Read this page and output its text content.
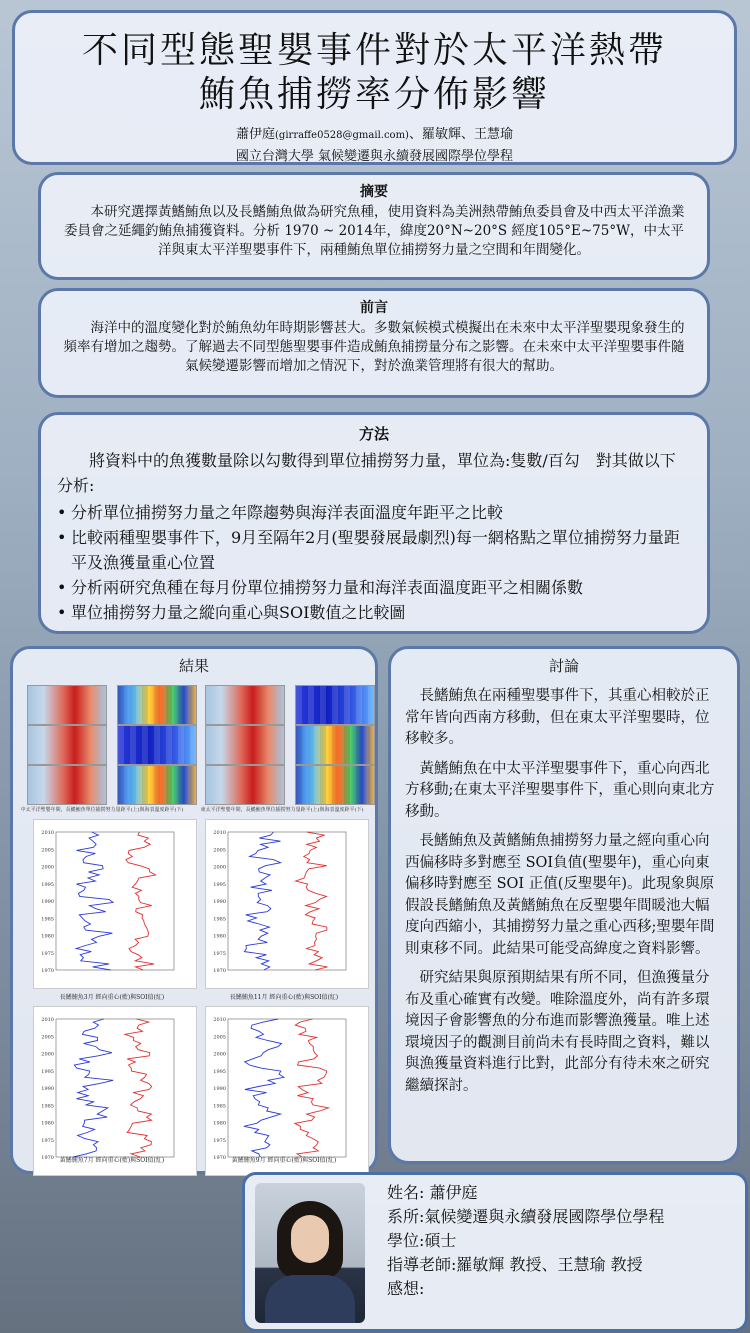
不同型態聖嬰事件對於太平洋熱帶
鮪魚捕撈率分佈影響
蕭伊庭(girraffe0528@gmail.com)、羅敏輝、王慧瑜
國立台灣大學 氣候變遷與永續發展國際學位學程
摘要

本研究選擇黃鰭鮪魚以及長鰭鮪魚做為研究魚種，使用資料為美洲熱帶鮪魚委員會及中西太平洋漁業委員會之延繩釣鮪魚捕獲資料。分析 1970 ~ 2014年，緯度20°N~20°S 經度105°E~75°W，中太平洋與東太平洋聖嬰事件下，兩種鮪魚單位捕撈努力量之空間和年間變化。

前言

海洋中的溫度變化對於鮪魚幼年時期影響甚大。多數氣候模式模擬出在未來中太平洋聖嬰現象發生的頻率有增加之趨勢。了解過去不同型態聖嬰事件造成鮪魚捕撈量分布之影響。在未來中太平洋聖嬰事件隨氣候變遷影響而增加之情況下，對於漁業管理將有很大的幫助。

方法

將資料中的魚獲數量除以勾數得到單位捕撈努力量，單位為:隻數/百勾　對其做以下分析:

• 分析單位捕撈努力量之年際趨勢與海洋表面溫度年距平之比較
• 比較兩種聖嬰事件下，9月至隔年2月(聖嬰發展最劇烈)每一網格點之單位捕撈努力量距平及漁獲量重心位置
• 分析兩研究魚種在每月份單位捕撈努力量和海洋表面溫度距平之相關係數
• 單位捕撈努力量之縱向重心與SOI數值之比較圖
結果
中太平洋聖嬰年間，長鰭鮪魚單位捕撈努力量距平(上)與海表溫度距平(下)	東太平洋聖嬰年間，長鰭鮪魚單位捕撈努力量距平(上)與海表溫度距平(下)
1970
1975
1980
1985
1990
1995
2000
2005
2010
長鰭鮪魚3月 經向重心(藍)與SOI值(紅)
1970
1975
1980
1985
1990
1995
2000
2005
2010
長鰭鮪魚11月 經向重心(藍)與SOI值(紅)
1970
1975
1980
1985
1990
1995
2000
2005
2010
黃鰭鮪魚7月 經向重心(藍)與SOI值(紅)	1970
1975
1980
1985
1990
1995
2000
2005
2010
黃鰭鮪魚9月 經向重心(藍)與SOI值(紅)
討論

長鰭鮪魚在兩種聖嬰事件下，其重心相較於正常年皆向西南方移動，但在東太平洋聖嬰時，位移較多。

黃鰭鮪魚在中太平洋聖嬰事件下，重心向西北方移動;在東太平洋聖嬰事件下，重心則向東北方移動。

長鰭鮪魚及黃鰭鮪魚捕撈努力量之經向重心向西偏移時多對應至 SOI負值(聖嬰年)，重心向東偏移時對應至 SOI 正值(反聖嬰年)。此現象與原假設長鰭鮪魚及黃鰭鮪魚在反聖嬰年間暖池大幅度向西縮小，其捕撈努力量之重心西移;聖嬰年間則東移不同。此結果可能受高緯度之資料影響。

研究結果與原預期結果有所不同，但漁獲量分布及重心確實有改變。唯除溫度外，尚有許多環境因子會影響魚的分布進而影響漁獲量。唯上述環境因子的觀測目前尚未有長時間之資料，難以與漁獲量資料進行比對，此部分有待未來之研究繼續探討。

姓名: 蕭伊庭
系所:氣候變遷與永續發展國際學位學程
學位:碩士
指導老師:羅敏輝 教授、王慧瑜 教授
感想:
